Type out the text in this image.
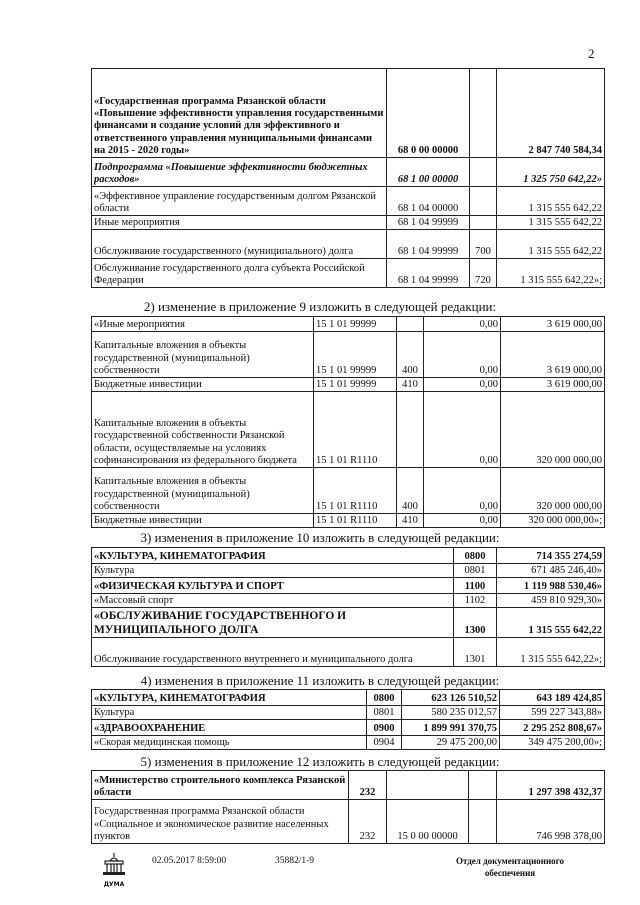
2
«Государственная программа Рязанской области «Повышение эффективности управления государственными финансами и создание условий для эффективного и ответственного управления муниципальными финансами на 2015 - 2020 годы»	68 0 00 00000		2 847 740 584,34
Подпрограмма «Повышение эффективности бюджетных расходов»	68 1 00 00000		1 325 750 642,22»
«Эффективное управление государственным долгом Рязанской области	68 1 04 00000		1 315 555 642,22
Иные мероприятия	68 1 04 99999		1 315 555 642,22
Обслуживание государственного (муниципального) долга	68 1 04 99999	700	1 315 555 642,22
Обслуживание государственного долга субъекта Российской Федерации	68 1 04 99999	720	1 315 555 642,22»;
2) изменение в приложение 9 изложить в следующей редакции:
«Иные мероприятия	15 1 01 99999		0,00	3 619 000,00
Капитальные вложения в объекты государственной (муниципальной) собственности	15 1 01 99999	400	0,00	3 619 000,00
Бюджетные инвестиции	15 1 01 99999	410	0,00	3 619 000,00
Капитальные вложения в объекты государственной собственности Рязанской области, осуществляемые на условиях софинансирования из федерального бюджета	15 1 01 R1110		0,00	320 000 000,00
Капитальные вложения в объекты государственной (муниципальной) собственности	15 1 01 R1110	400	0,00	320 000 000,00
Бюджетные инвестиции	15 1 01 R1110	410	0,00	320 000 000,00»;
3) изменения в приложение 10 изложить в следующей редакции:
«КУЛЬТУРА, КИНЕМАТОГРАФИЯ	0800	714 355 274,59
Культура	0801	671 485 246,40»
«ФИЗИЧЕСКАЯ КУЛЬТУРА И СПОРТ	1100	1 119 988 530,46»
«Массовый спорт	1102	459 810 929,30»
«ОБСЛУЖИВАНИЕ ГОСУДАРСТВЕННОГО И МУНИЦИПАЛЬНОГО ДОЛГА	1300	1 315 555 642,22
Обслуживание государственного внутреннего и муниципального долга	1301	1 315 555 642,22»;
4) изменения в приложение 11 изложить в следующей редакции:
«КУЛЬТУРА, КИНЕМАТОГРАФИЯ	0800	623 126 510,52	643 189 424,85
Культура	0801	580 235 012,57	599 227 343,88»
«ЗДРАВООХРАНЕНИЕ	0900	1 899 991 370,75	2 295 252 808,67»
«Скорая медицинская помощь	0904	29 475 200,00	349 475 200,00»;
5) изменения в приложение 12 изложить в следующей редакции:
«Министерство строительного комплекса Рязанской области	232			1 297 398 432,37
Государственная программа Рязанской области «Социальное и экономическое развитие населенных пунктов	232	15 0 00 00000		746 998 378,00
ДУМА
02.05.2017 8:59:00	35882/1-9	Отдел документационного обеспечения
